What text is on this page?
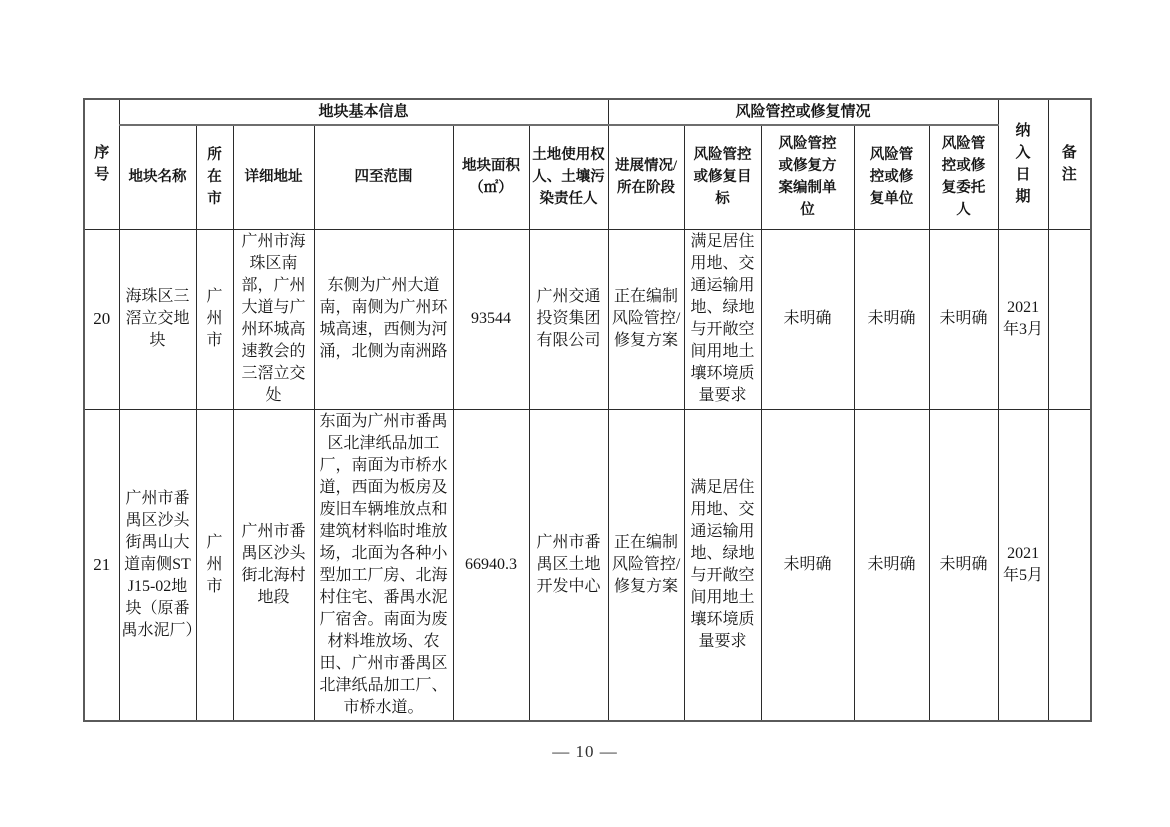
序号	地块基本信息						风险管控或修复情况					纳入日期	备注
	地块名称	所在市	详细地址	四至范围	地块面积（㎡）	土地使用权人、土壤污染责任人	进展情况/所在阶段	风险管控或修复目标	风险管控或修复方案编制单位	风险管控或修复单位	风险管控或修复委托人		
20	海珠区三滘立交地块	广州市	广州市海珠区南部，广州大道与广州环城高速教会的三滘立交处	东侧为广州大道南，南侧为广州环城高速，西侧为河涌，北侧为南洲路	93544	广州交通投资集团有限公司	正在编制风险管控/修复方案	满足居住用地、交通运输用地、绿地与开敞空间用地土壤环境质量要求	未明确	未明确	未明确	2021年3月	
21	广州市番禺区沙头街禺山大道南侧STJ15-02地块（原番禺水泥厂）	广州市	广州市番禺区沙头街北海村地段	东面为广州市番禺区北津纸品加工厂，南面为市桥水道，西面为板房及废旧车辆堆放点和建筑材料临时堆放场，北面为各种小型加工厂房、北海村住宅、番禺水泥厂宿舍。南面为废材料堆放场、农田、广州市番禺区北津纸品加工厂、市桥水道。	66940.3	广州市番禺区土地开发中心	正在编制风险管控/修复方案	满足居住用地、交通运输用地、绿地与开敞空间用地土壤环境质量要求	未明确	未明确	未明确	2021年5月	
— 10 —
